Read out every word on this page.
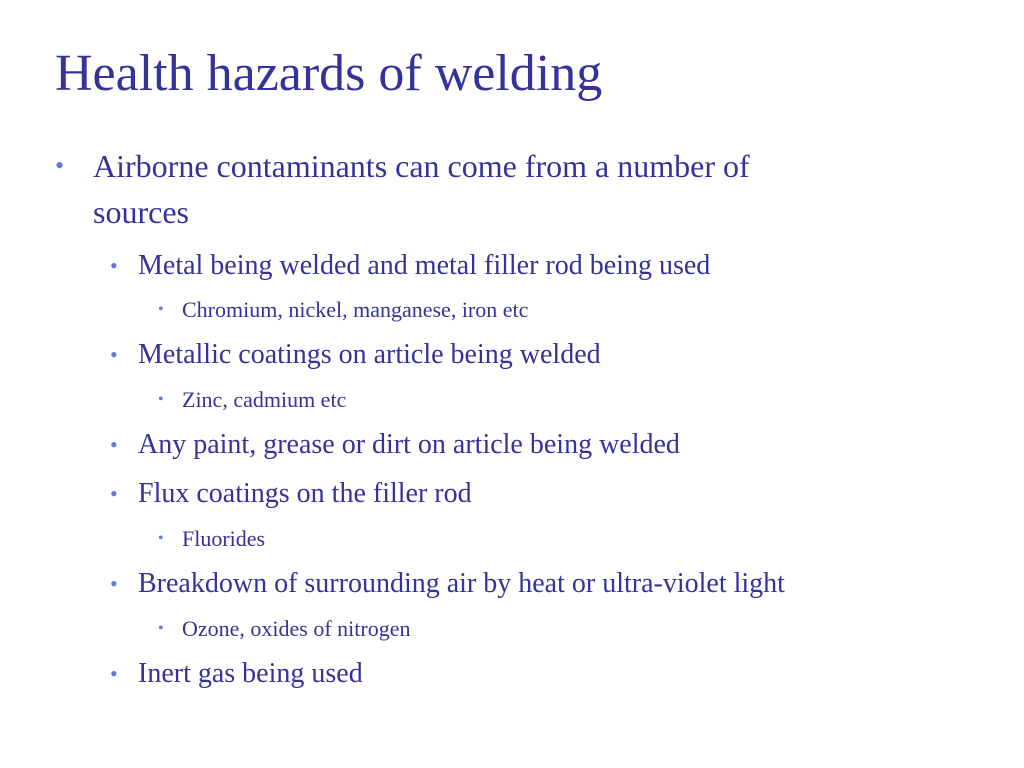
Health hazards of welding
• Airborne contaminants can come from a number of
sources
• Metal being welded and metal filler rod being used
• Chromium, nickel, manganese, iron etc
• Metallic coatings on article being welded
• Zinc, cadmium etc
• Any paint, grease or dirt on article being welded
• Flux coatings on the filler rod
• Fluorides
• Breakdown of surrounding air by heat or ultra-violet light
• Ozone, oxides of nitrogen
• Inert gas being used
